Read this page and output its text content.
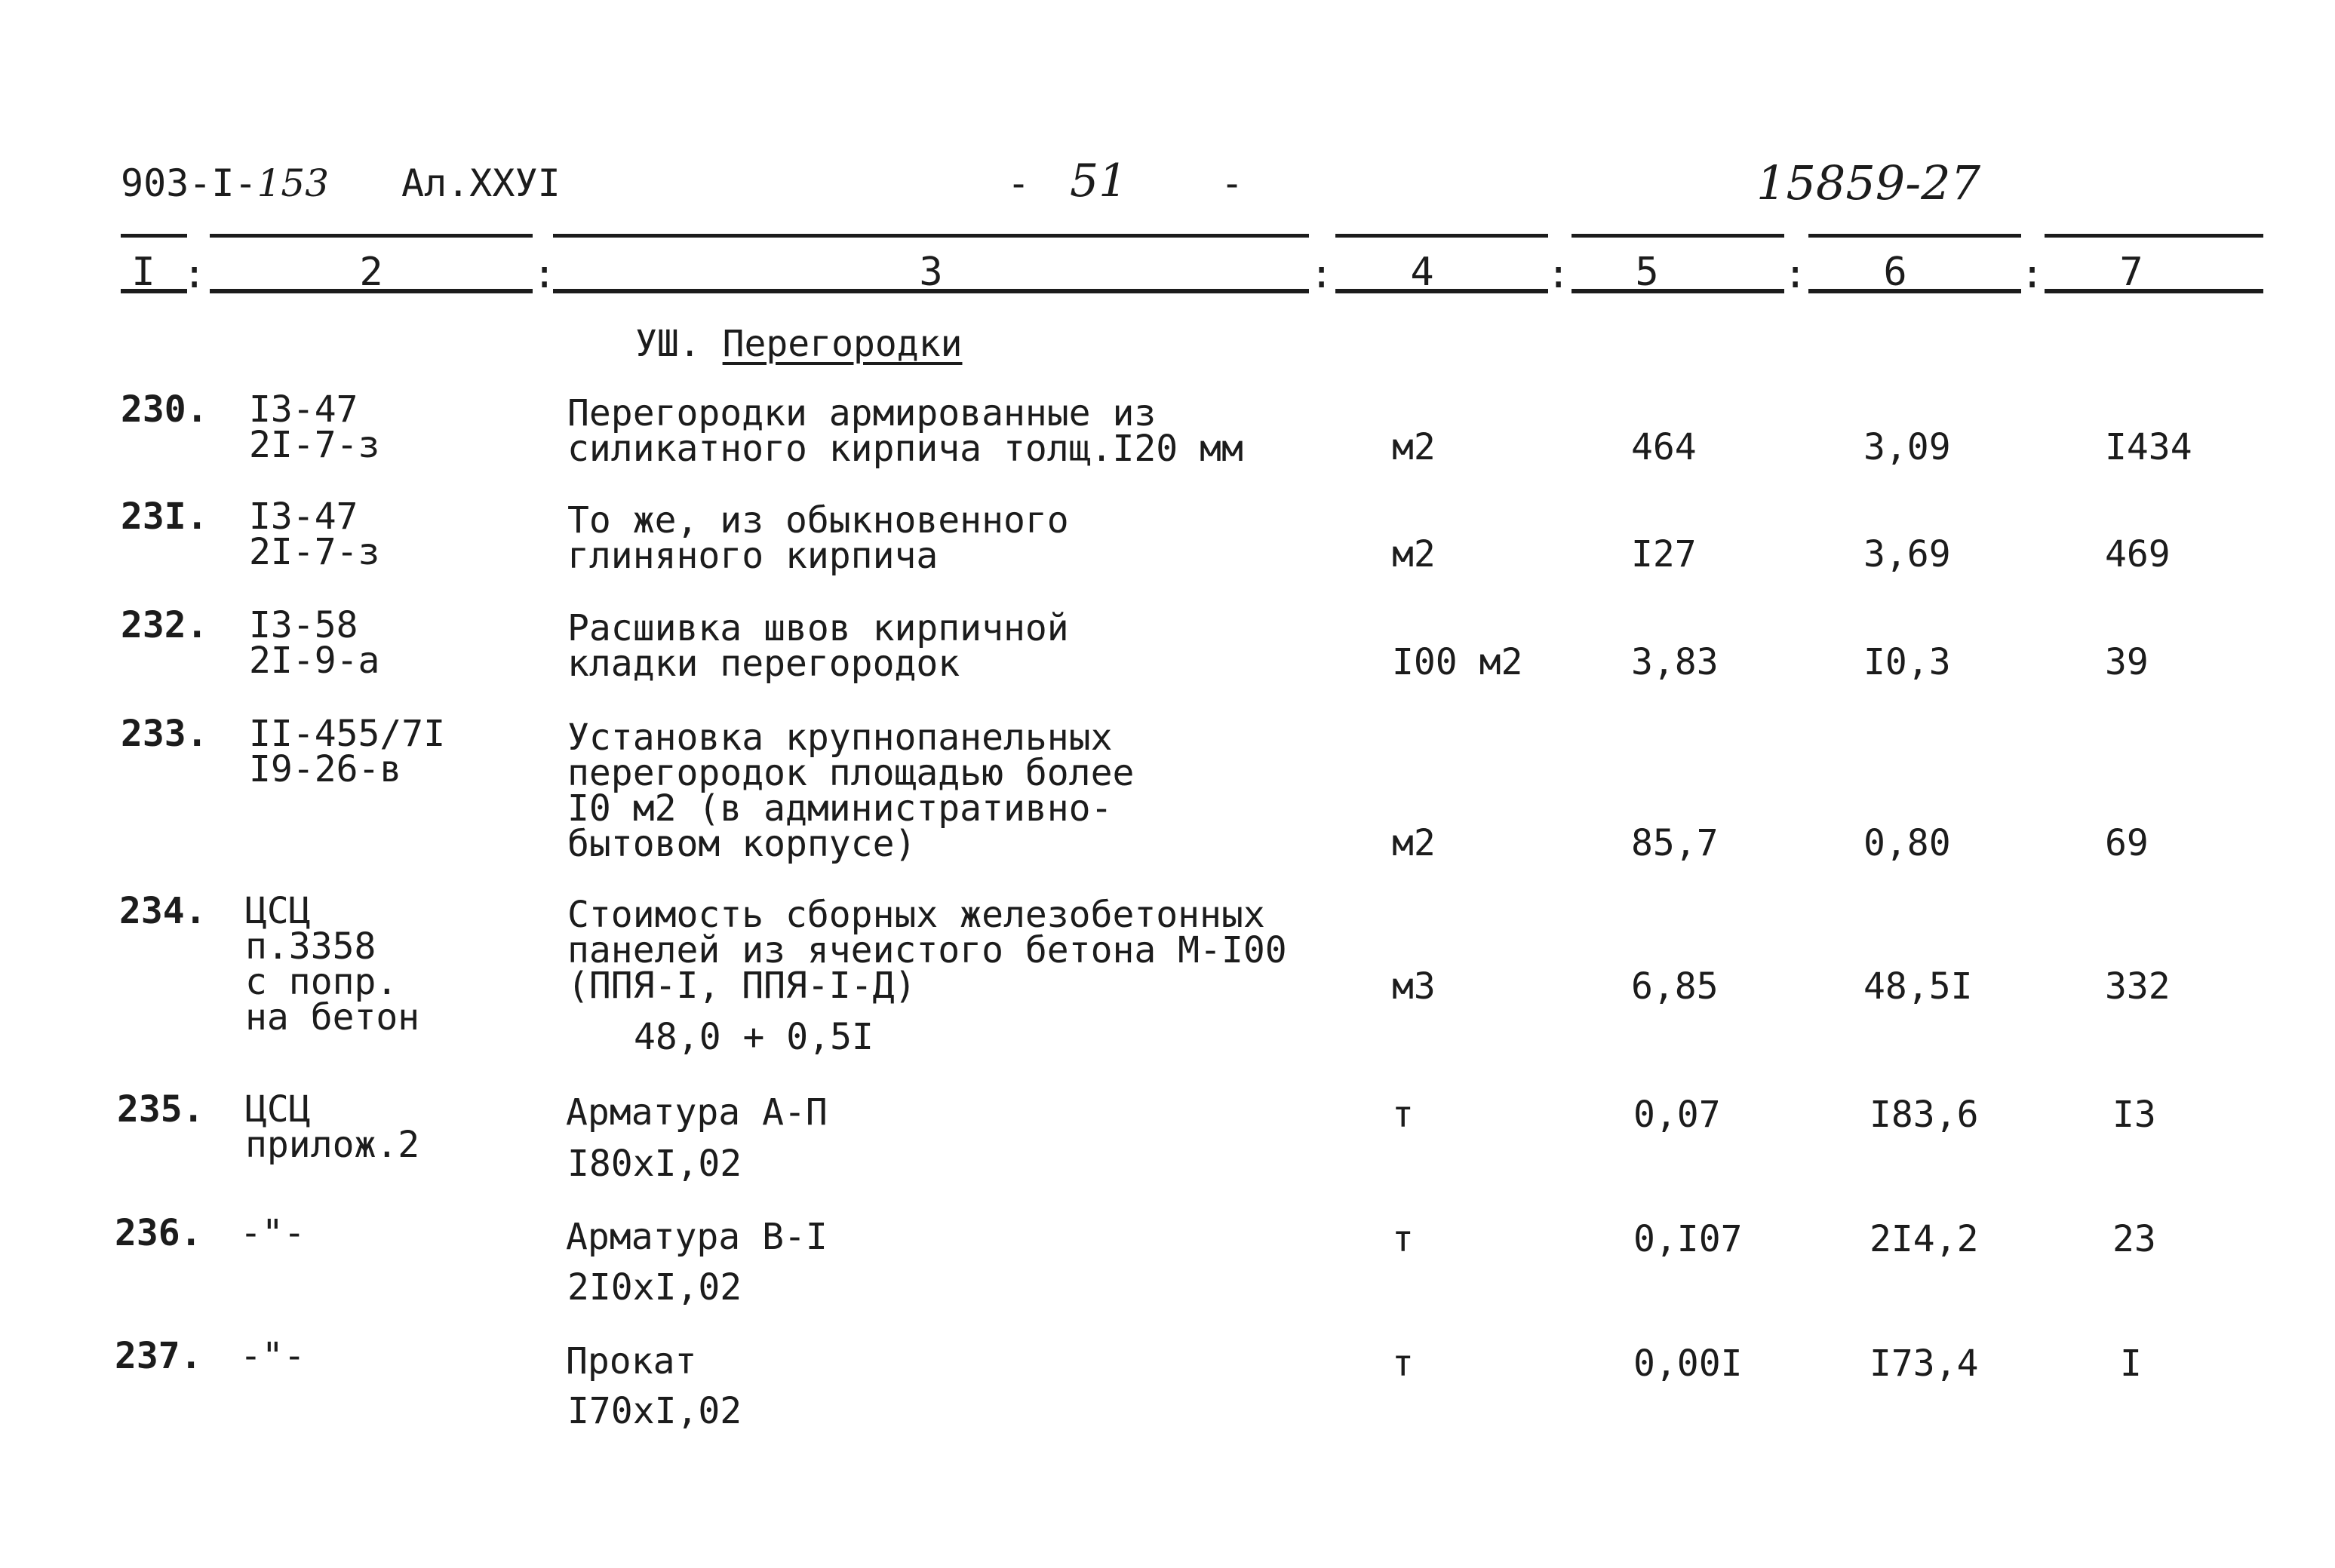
903-I-153 Ал.XXУI	- 51 -	15859-27
I	2	3	4	5	6	7
:	:	:	:	:	:
УШ. Перегородки
230. I3-47
2I-7-з
Перегородки армированные из
силикатного кирпича толщ.I20 мм	м2	464	3,09	I434
23I. I3-47
2I-7-з
То же, из обыкновенного
глиняного кирпича	м2	I27	3,69	469
232. I3-58
2I-9-а
Расшивка швов кирпичной
кладки перегородок	I00 м2	3,83	I0,3	39
233. II-455/7I
I9-26-в
Установка крупнопанельных
перегородок площадью более
I0 м2 (в административно-
бытовом корпусе)	м2	85,7	0,80	69
234. ЦСЦ
п.3358
с попр.
на бетон
Стоимость сборных железобетонных
панелей из ячеистого бетона М-I00
(ППЯ-I, ППЯ-I-Д)
48,0 + 0,5I
м3	6,85	48,5I	332
235. ЦСЦ
прилож.2
Арматура А-П
I80хI,02
т	0,07	I83,6	I3
236. -"-	Арматура В-I
2I0хI,02
т	0,I07	2I4,2	23
237. -"-	Прокат
I70хI,02
т	0,00I	I73,4	I
